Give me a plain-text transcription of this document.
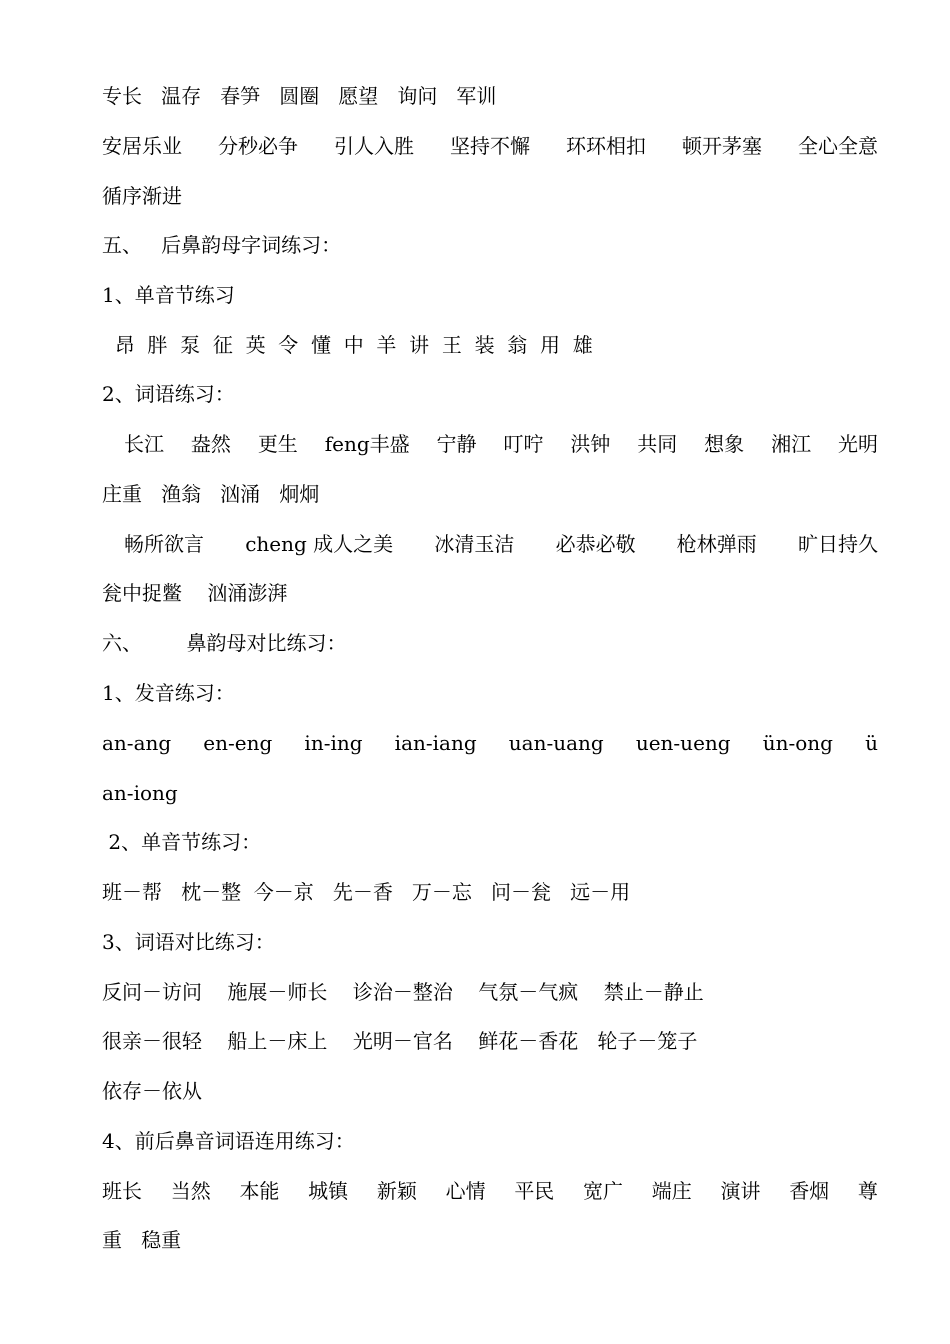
专长   温存   春笋   圆圈   愿望   询问   军训
安居乐业 分秒必争 引人入胜 坚持不懈 环环相扣 顿开茅塞 全心全意
循序渐进
五、   后鼻韵母字词练习：
1、单音节练习
昂  胖  泵  征  英  令  懂  中  羊  讲  王  装  翁  用  雄
2、词语练习：
长江 盎然 更生 feng丰盛 宁静 叮咛 洪钟 共同 想象 湘江 光明
庄重   渔翁   汹涌   炯炯
畅所欲言 cheng 成人之美 冰清玉洁 必恭必敬 枪林弹雨 旷日持久
瓮中捉鳖    汹涌澎湃
六、       鼻韵母对比练习：
1、发音练习：
an-ang en-eng in-ing ian-iang uan-uang uen-ueng ün-ong ü
an-iong
2、单音节练习：
班－帮   枕－整  今－京   先－香   万－忘   问－瓮   远－用
3、词语对比练习：
反问－访问    施展－师长    诊治－整治    气氛－气疯    禁止－静止
很亲－很轻    船上－床上    光明－官名    鲜花－香花   轮子－笼子
依存－依从
4、前后鼻音词语连用练习：
班长 当然 本能 城镇 新颖 心情 平民 宽广 端庄 演讲 香烟 尊
重   稳重
